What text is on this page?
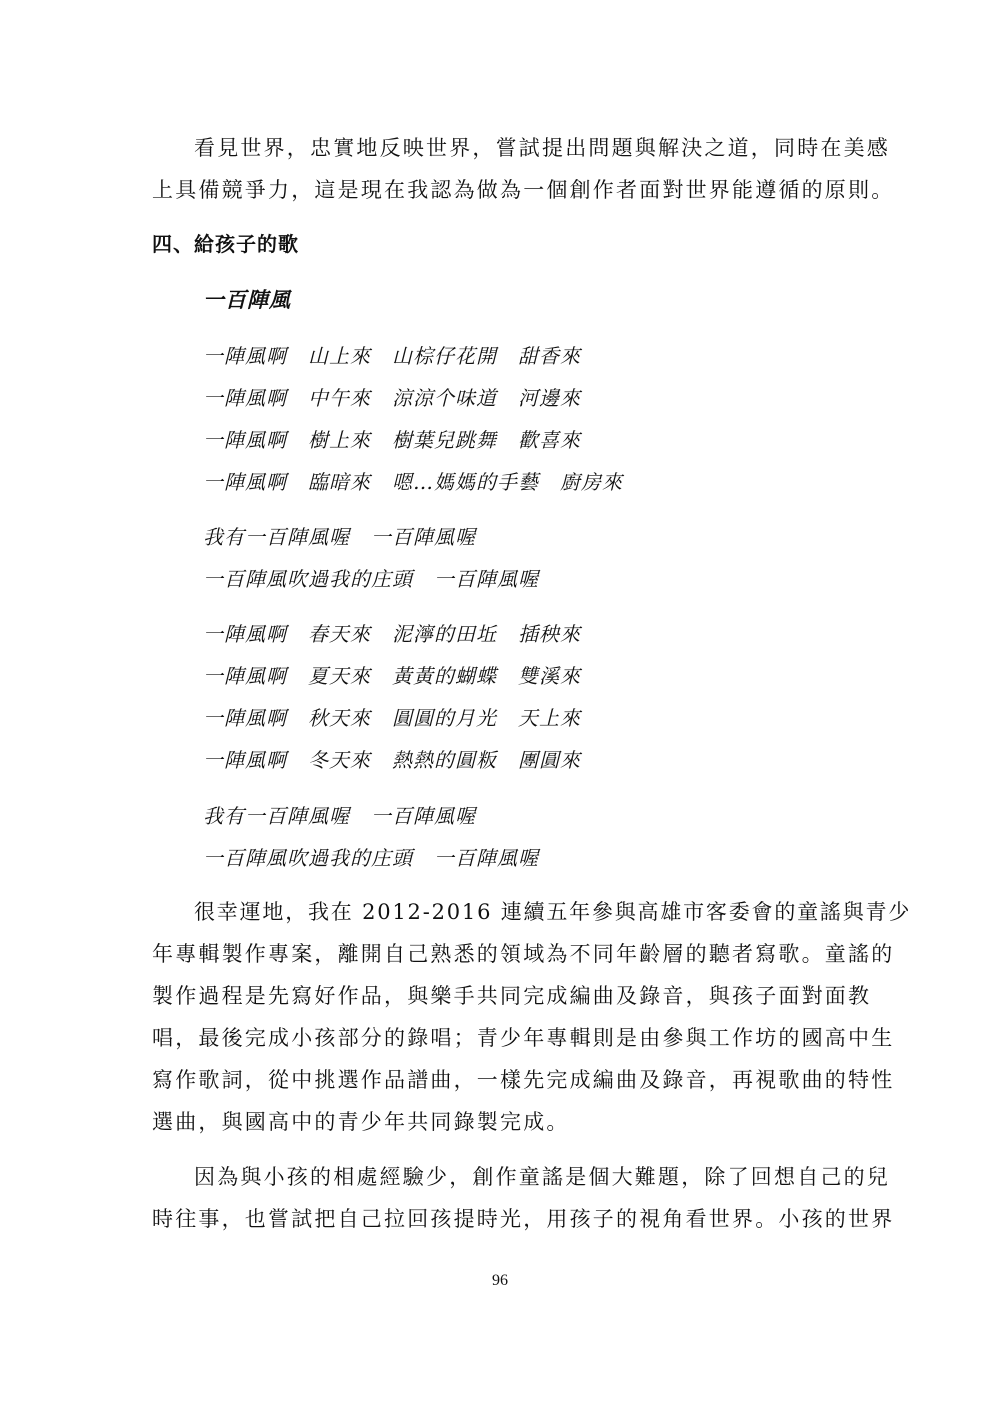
看見世界，忠實地反映世界，嘗試提出問題與解決之道，同時在美感
上具備競爭力，這是現在我認為做為一個創作者面對世界能遵循的原則。
四、給孩子的歌
一百陣風
一陣風啊　山上來　山棕仔花開　甜香來
一陣風啊　中午來　涼涼个味道　河邊來
一陣風啊　樹上來　樹葉兒跳舞　歡喜來
一陣風啊　臨暗來　嗯…媽媽的手藝　廚房來
我有一百陣風喔　一百陣風喔
一百陣風吹過我的庄頭　一百陣風喔
一陣風啊　春天來　泥濘的田坵　插秧來
一陣風啊　夏天來　黃黃的蝴蝶　雙溪來
一陣風啊　秋天來　圓圓的月光　天上來
一陣風啊　冬天來　熱熱的圓粄　團圓來
我有一百陣風喔　一百陣風喔
一百陣風吹過我的庄頭　一百陣風喔
很幸運地，我在 2012-2016 連續五年參與高雄市客委會的童謠與青少
年專輯製作專案，離開自己熟悉的領域為不同年齡層的聽者寫歌。童謠的
製作過程是先寫好作品，與樂手共同完成編曲及錄音，與孩子面對面教
唱，最後完成小孩部分的錄唱；青少年專輯則是由參與工作坊的國高中生
寫作歌詞，從中挑選作品譜曲，一樣先完成編曲及錄音，再視歌曲的特性
選曲，與國高中的青少年共同錄製完成。
因為與小孩的相處經驗少，創作童謠是個大難題，除了回想自己的兒
時往事，也嘗試把自己拉回孩提時光，用孩子的視角看世界。小孩的世界
96
